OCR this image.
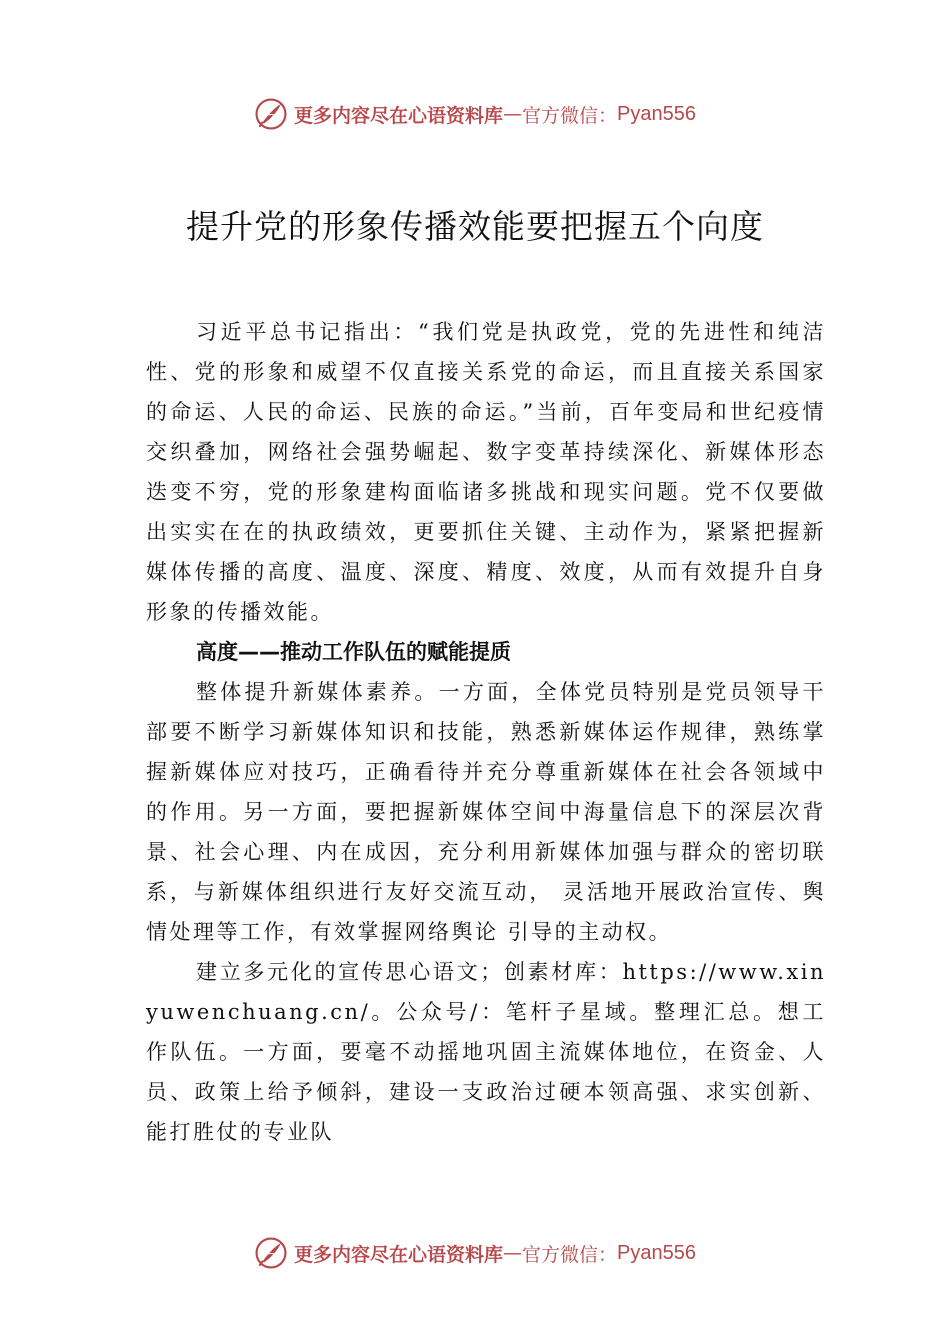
更多内容尽在心语资料库 — 官方微信： Pyan556
提升党的形象传播效能要把握五个向度

习近平总书记指出：“我们党是执政党，党的先进性和纯洁性、党的形象和威望不仅直接关系党的命运，而且直接关系国家的命运、人民的命运、民族的命运。”当前，百年变局和世纪疫情交织叠加，网络社会强势崛起、数字变革持续深化、新媒体形态迭变不穷，党的形象建构面临诸多挑战和现实问题。党不仅要做出实实在在的执政绩效，更要抓住关键、主动作为，紧紧把握新媒体传播的高度、温度、深度、精度、效度，从而有效提升自身形象的传播效能。

高度——推动工作队伍的赋能提质

整体提升新媒体素养。一方面，全体党员特别是党员领导干部要不断学习新媒体知识和技能，熟悉新媒体运作规律，熟练掌握新媒体应对技巧，正确看待并充分尊重新媒体在社会各领域中的作用。另一方面，要把握新媒体空间中海量信息下的深层次背景、社会心理、内在成因，充分利用新媒体加强与群众的密切联系，与新媒体组织进行友好交流互动， 灵活地开展政治宣传、舆情处理等工作，有效掌握网络舆论 引导的主动权。

建立多元化的宣传思心语文；创素材库：https://www.xinyuwenchuang.cn/。公众号/：笔杆子星域。整理汇总。想工作队伍。一方面，要毫不动摇地巩固主流媒体地位，在资金、人员、政策上给予倾斜，建设一支政治过硬本领高强、求实创新、能打胜仗的专业队

更多内容尽在心语资料库 — 官方微信： Pyan556
